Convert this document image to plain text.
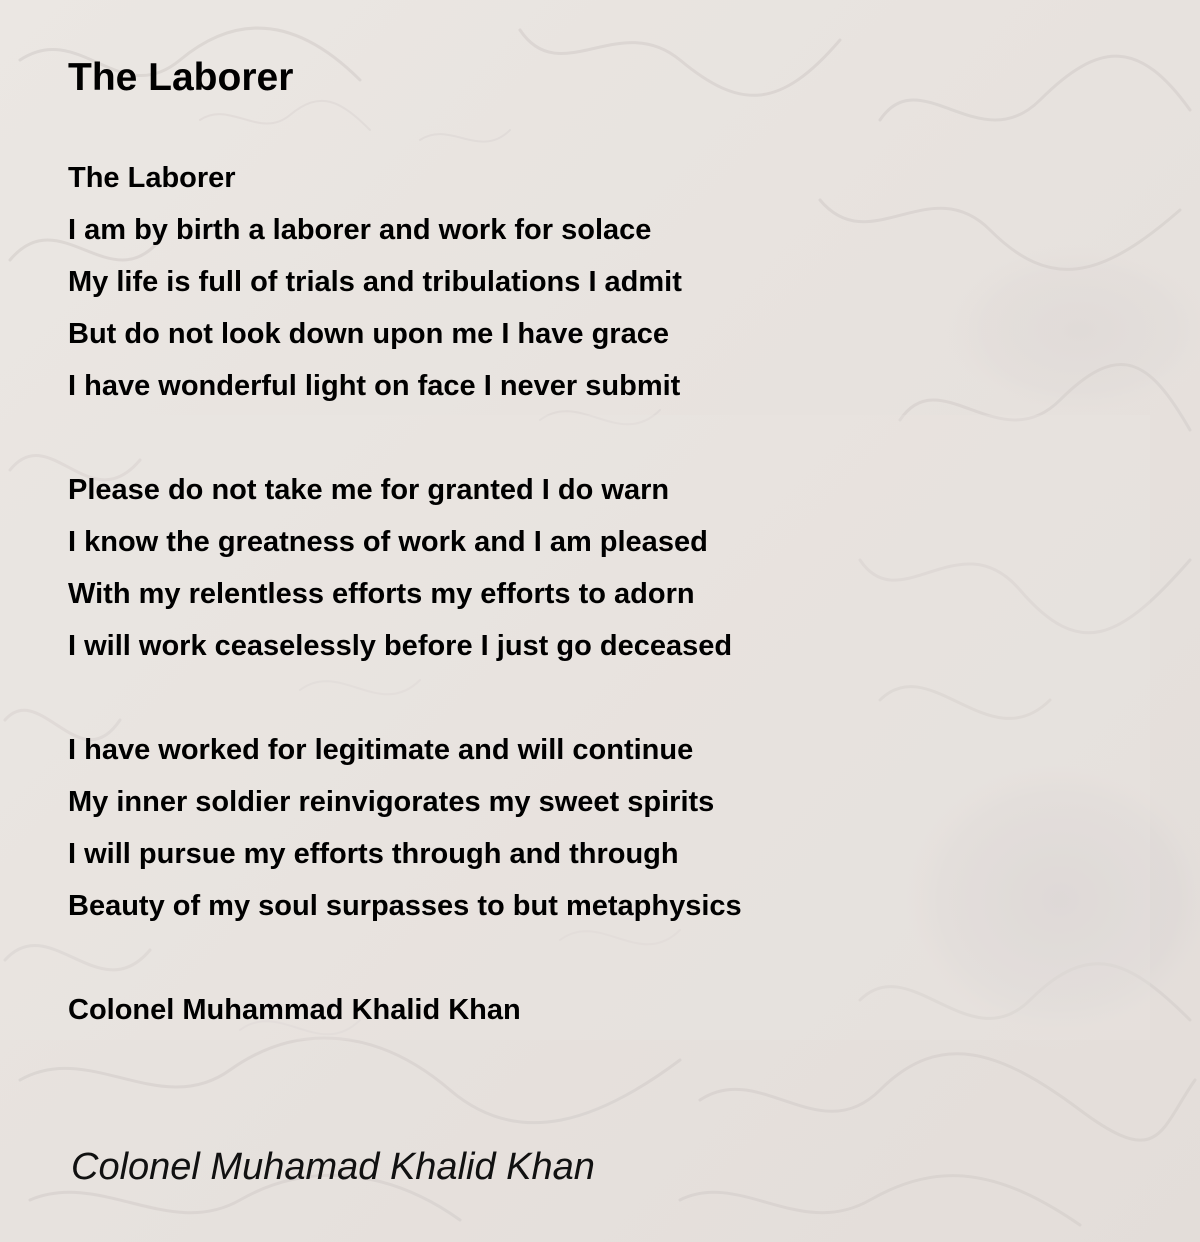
The Laborer
The Laborer
I am by birth a laborer and work for solace
My life is full of trials and tribulations I admit
But do not look down upon me I have grace
I have wonderful light on face I never submit
Please do not take me for granted I do warn
I know the greatness of work and I am pleased
With my relentless efforts my efforts to adorn
I will work ceaselessly before I just go deceased
I have worked for legitimate and will continue
My inner soldier reinvigorates my sweet spirits
I will pursue my efforts through and through
Beauty of my soul surpasses to but metaphysics
Colonel Muhammad Khalid Khan
Colonel Muhamad Khalid Khan
